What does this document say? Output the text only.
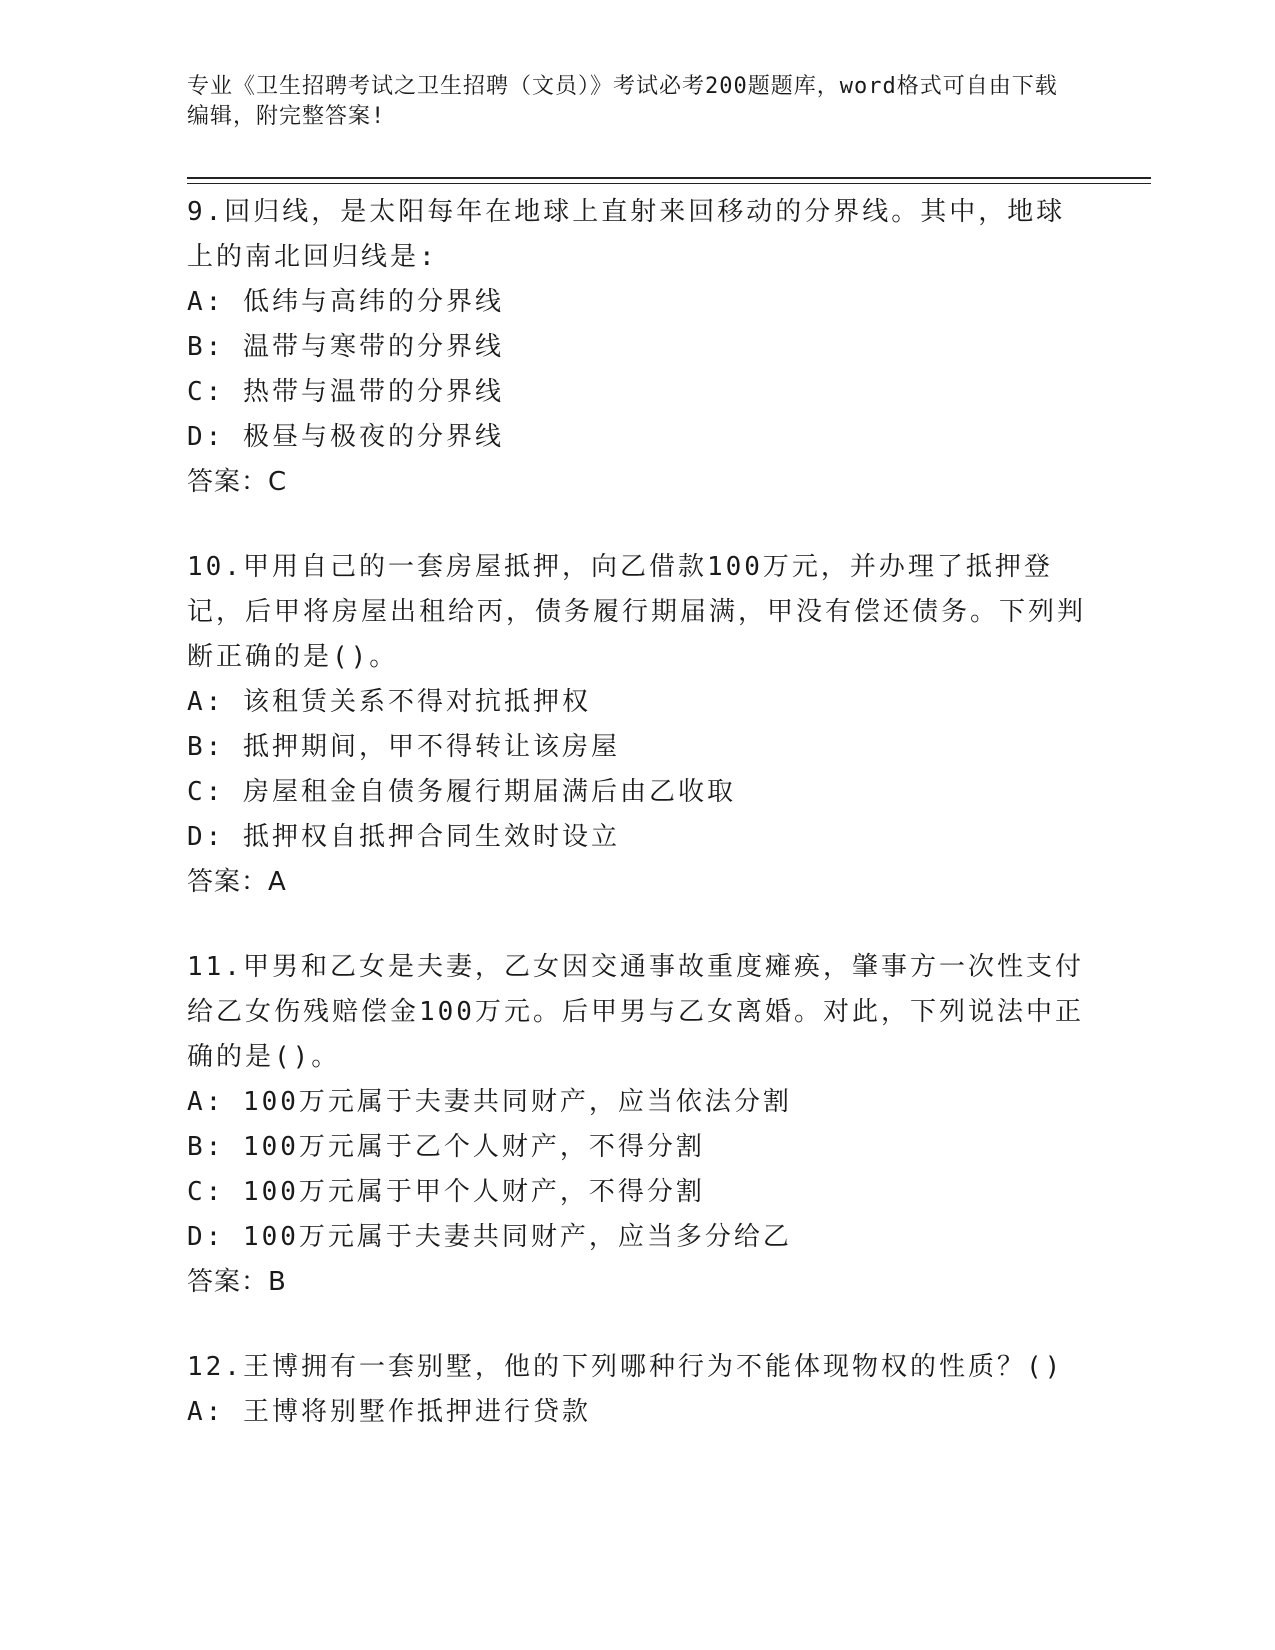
专业《卫生招聘考试之卫生招聘（文员）》考试必考200题题库，word格式可自由下载编辑，附完整答案!

9.回归线，是太阳每年在地球上直射来回移动的分界线。其中，地球上的南北回归线是:

A: 低纬与高纬的分界线

B: 温带与寒带的分界线

C: 热带与温带的分界线

D: 极昼与极夜的分界线

答案：C

10.甲用自己的一套房屋抵押，向乙借款100万元，并办理了抵押登记，后甲将房屋出租给丙，债务履行期届满，甲没有偿还债务。下列判断正确的是()。

A: 该租赁关系不得对抗抵押权

B: 抵押期间，甲不得转让该房屋

C: 房屋租金自债务履行期届满后由乙收取

D: 抵押权自抵押合同生效时设立

答案：A

11.甲男和乙女是夫妻，乙女因交通事故重度瘫痪，肇事方一次性支付给乙女伤残赔偿金100万元。后甲男与乙女离婚。对此，下列说法中正确的是()。

A: 100万元属于夫妻共同财产，应当依法分割

B: 100万元属于乙个人财产，不得分割

C: 100万元属于甲个人财产，不得分割

D: 100万元属于夫妻共同财产，应当多分给乙

答案：B

12.王博拥有一套别墅，他的下列哪种行为不能体现物权的性质？()

A: 王博将别墅作抵押进行贷款
